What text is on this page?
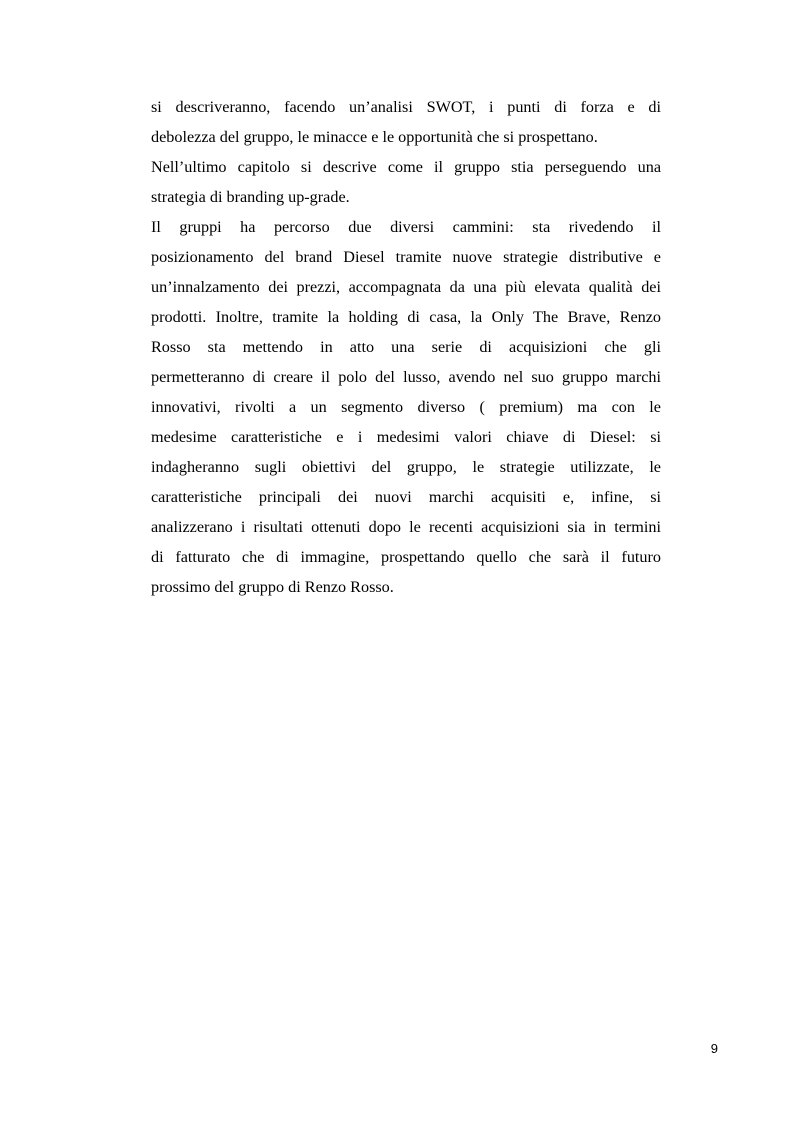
si descriveranno, facendo un’analisi SWOT, i punti di forza e di
debolezza del gruppo, le minacce e le opportunità che si prospettano.
Nell’ultimo capitolo si descrive come il gruppo stia perseguendo una
strategia di branding up-grade.
Il gruppi ha percorso due diversi cammini: sta rivedendo il
posizionamento del brand Diesel tramite nuove strategie distributive e
un’innalzamento dei prezzi, accompagnata da una più elevata qualità dei
prodotti. Inoltre, tramite la holding di casa, la Only The Brave, Renzo
Rosso sta mettendo in atto una serie di acquisizioni che gli
permetteranno di creare il polo del lusso, avendo nel suo gruppo marchi
innovativi, rivolti a un segmento diverso ( premium) ma con le
medesime caratteristiche e i medesimi valori chiave di Diesel: si
indagheranno sugli obiettivi del gruppo, le strategie utilizzate, le
caratteristiche principali dei nuovi marchi acquisiti e, infine, si
analizzerano i risultati ottenuti dopo le recenti acquisizioni sia in termini
di fatturato che di immagine, prospettando quello che sarà il futuro
prossimo del gruppo di Renzo Rosso.
9
